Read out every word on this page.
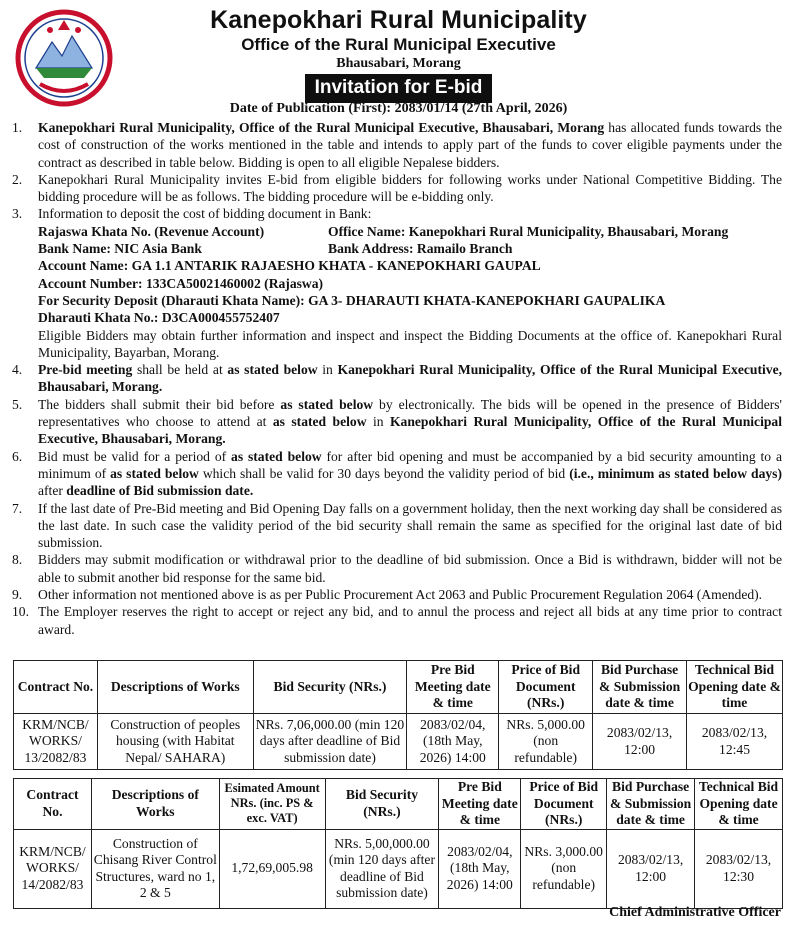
Kanepokhari Rural Municipality
Office of the Rural Municipal Executive
Bhausabari, Morang
Invitation for E-bid
Date of Publication (First): 2083/01/14 (27th April, 2026)
1.	Kanepokhari Rural Municipality, Office of the Rural Municipal Executive, Bhausabari, Morang has allocated funds towards the cost of construction of the works mentioned in the table and intends to apply part of the funds to cover eligible payments under the contract as described in table below. Bidding is open to all eligible Nepalese bidders.
2.	Kanepokhari Rural Municipality invites E-bid from eligible bidders for following works under National Competitive Bidding. The bidding procedure will be as follows. The bidding procedure will be e-bidding only.
3.	Information to deposit the cost of bidding document in Bank:
Rajaswa Khata No. (Revenue Account)	Office Name: Kanepokhari Rural Municipality, Bhausabari, Morang
Bank Name: NIC Asia Bank	Bank Address: Ramailo Branch
Account Name: GA 1.1 ANTARIK RAJAESHO KHATA - KANEPOKHARI GAUPAL
Account Number: 133CA50021460002 (Rajaswa)
For Security Deposit (Dharauti Khata Name): GA 3- DHARAUTI KHATA-KANEPOKHARI GAUPALIKA
Dharauti Khata No.: D3CA000455752407
Eligible Bidders may obtain further information and inspect and inspect the Bidding Documents at the office of. Kanepokhari Rural Municipality, Bayarban, Morang.
4.	Pre-bid meeting shall be held at as stated below in Kanepokhari Rural Municipality, Office of the Rural Municipal Executive, Bhausabari, Morang.
5.	The bidders shall submit their bid before as stated below by electronically. The bids will be opened in the presence of Bidders' representatives who choose to attend at as stated below in Kanepokhari Rural Municipality, Office of the Rural Municipal Executive, Bhausabari, Morang.
6.	Bid must be valid for a period of as stated below for after bid opening and must be accompanied by a bid security amounting to a minimum of as stated below which shall be valid for 30 days beyond the validity period of bid (i.e., minimum as stated below days) after deadline of Bid submission date.
7.	If the last date of Pre-Bid meeting and Bid Opening Day falls on a government holiday, then the next working day shall be considered as the last date. In such case the validity period of the bid security shall remain the same as specified for the original last date of bid submission.
8.	Bidders may submit modification or withdrawal prior to the deadline of bid submission. Once a Bid is withdrawn, bidder will not be able to submit another bid response for the same bid.
9.	Other information not mentioned above is as per Public Procurement Act 2063 and Public Procurement Regulation 2064 (Amended).
10. The Employer reserves the right to accept or reject any bid, and to annul the process and reject all bids at any time prior to contract award.
Contract No.	Descriptions of Works	Bid Security (NRs.)	Pre Bid Meeting date & time	Price of Bid Document (NRs.)	Bid Purchase & Submission date & time	Technical Bid Opening date & time
KRM/NCB/ WORKS/ 13/2082/83	Construction of peoples housing (with Habitat Nepal/ SAHARA)	NRs. 7,06,000.00 (min 120 days after deadline of Bid submission date)	2083/02/04, (18th May, 2026) 14:00	NRs. 5,000.00 (non refundable)	2083/02/13, 12:00	2083/02/13, 12:45
Contract No.	Descriptions of Works	Esimated Amount NRs. (inc. PS & exc. VAT)	Bid Security (NRs.)	Pre Bid Meeting date & time	Price of Bid Document (NRs.)	Bid Purchase & Submission date & time	Technical Bid Opening date & time
KRM/NCB/ WORKS/ 14/2082/83	Construction of Chisang River Control Structures, ward no 1, 2 & 5	1,72,69,005.98	NRs. 5,00,000.00 (min 120 days after deadline of Bid submission date)	2083/02/04, (18th May, 2026) 14:00	NRs. 3,000.00 (non refundable)	2083/02/13, 12:00	2083/02/13, 12:30
Chief Administrative Officer
